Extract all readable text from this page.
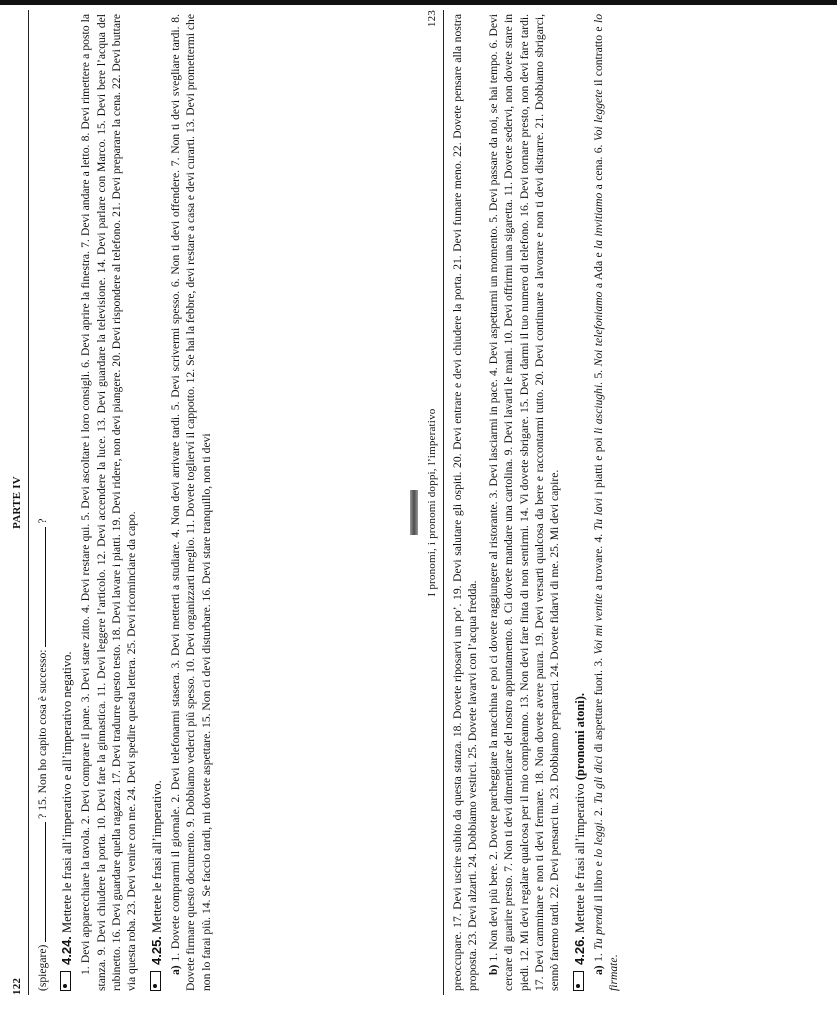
122
PARTE IV

(spiegare)  ? 15. Non ho capito cosa è successo:  ?

4.24. Mettete le frasi all’imperativo e all’imperativo negativo. 1. Devi apparecchiare la tavola. 2. Devi comprare il pane. 3. Devi stare zitto. 4. Devi restare qui. 5. Devi ascoltare i loro consigli. 6. Devi aprire la finestra. 7. Devi andare a letto. 8. Devi rimettere a posto la stanza. 9. Devi chiudere la porta. 10. Devi fare la ginnastica. 11. Devi leggere l’articolo. 12. Devi accendere la luce. 13. Devi guardare la televisione. 14. Devi parlare con Marco. 15. Devi bere l’acqua del rubinetto. 16. Devi guardare quella ragazza. 17. Devi tradurre questo testo. 18. Devi lavare i piatti. 19. Devi ridere, non devi piangere. 20. Devi rispondere al telefono. 21. Devi preparare la cena. 22. Devi buttare via questa roba. 23. Devi venire con me. 24. Devi spedire questa lettera. 25. Devi ricominciare da capo. 4.25. Mettete le frasi all’imperativo.

a) 1. Dovete comprarmi il giornale. 2. Devi telefonarmi stasera. 3. Devi metterti a studiare. 4. Non devi arrivare tardi. 5. Devi scrivermi spesso. 6. Non ti devi offendere. 7. Non ti devi svegliare tardi. 8. Dovete firmare questo documento. 9. Dobbiamo vederci più spesso. 10. Devi organizzarti meglio. 11. Dovete toglierví il cappotto. 12. Se hai la febbre, devi restare a casa e devi curarti. 13. Devi promettermi che non lo farai più. 14. Se faccio tardi, mi dovete aspettare. 15. Non ci devi disturbare. 16. Devi stare tranquillo, non ti devi	I pronomi, i pronomi doppi, l’imperativo
123 preoccupare. 17. Devi uscire subito da questa stanza. 18. Dovete riposarvi un po’. 19. Devi salutare gli ospiti. 20. Devi entrare e devi chiudere la porta. 21. Devi fumare meno. 22. Dovete pensare alla nostra proposta. 23. Devi alzarti. 24. Dobbiamo vestirci. 25. Dovete lavarvi con l’acqua fredda. b) 1. Non devi più bere. 2. Dovete parcheggiare la macchina e poi ci dovete raggiungere al ristorante. 3. Devi lasciarmi in pace. 4. Devi aspettarmi un momento. 5. Devi passare da noi, se hai tempo. 6. Devi cercare di guarire presto. 7. Non ti devi dimenticare del nostro appuntamento. 8. Ci dovete mandare una cartolina. 9. Devi lavarti le mani. 10. Devi offrirmi una sigaretta. 11. Dovete sedervi, non dovete stare in piedi. 12. Mi devi regalare qualcosa per il mio compleanno. 13. Non devi fare finta di non sentirmi. 14. Vi dovete sbrigare. 15. Devi darmi il tuo numero di telefono. 16. Devi tornare presto, non devi fare tardi. 17. Devi camminare e non ti devi fermare. 18. Non dovete avere paura. 19. Devi versarti qualcosa da bere e raccontarmi tutto. 20. Devi continuare a lavorare e non ti devi distrarre. 21. Dobbiamo sbrigarci, sennò faremo tardi. 22. Devi pensarci tu. 23. Dobbiamo prepararci. 24. Dovete fidarvi di me. 25. Mi devi capire. 4.26. Mettete le frasi all’imperativo (pronomi atoni).

a) 1. Tu prendi il libro e lo leggi. 2. Tu gli dici di aspettare fuori. 3. Voi mi venite a trovare. 4. Tu lavi i piatti e poi li asciughi. 5. Noi telefoniamo a Ada e la invitiamo a cena. 6. Voi leggete il contratto e lo firmate.
